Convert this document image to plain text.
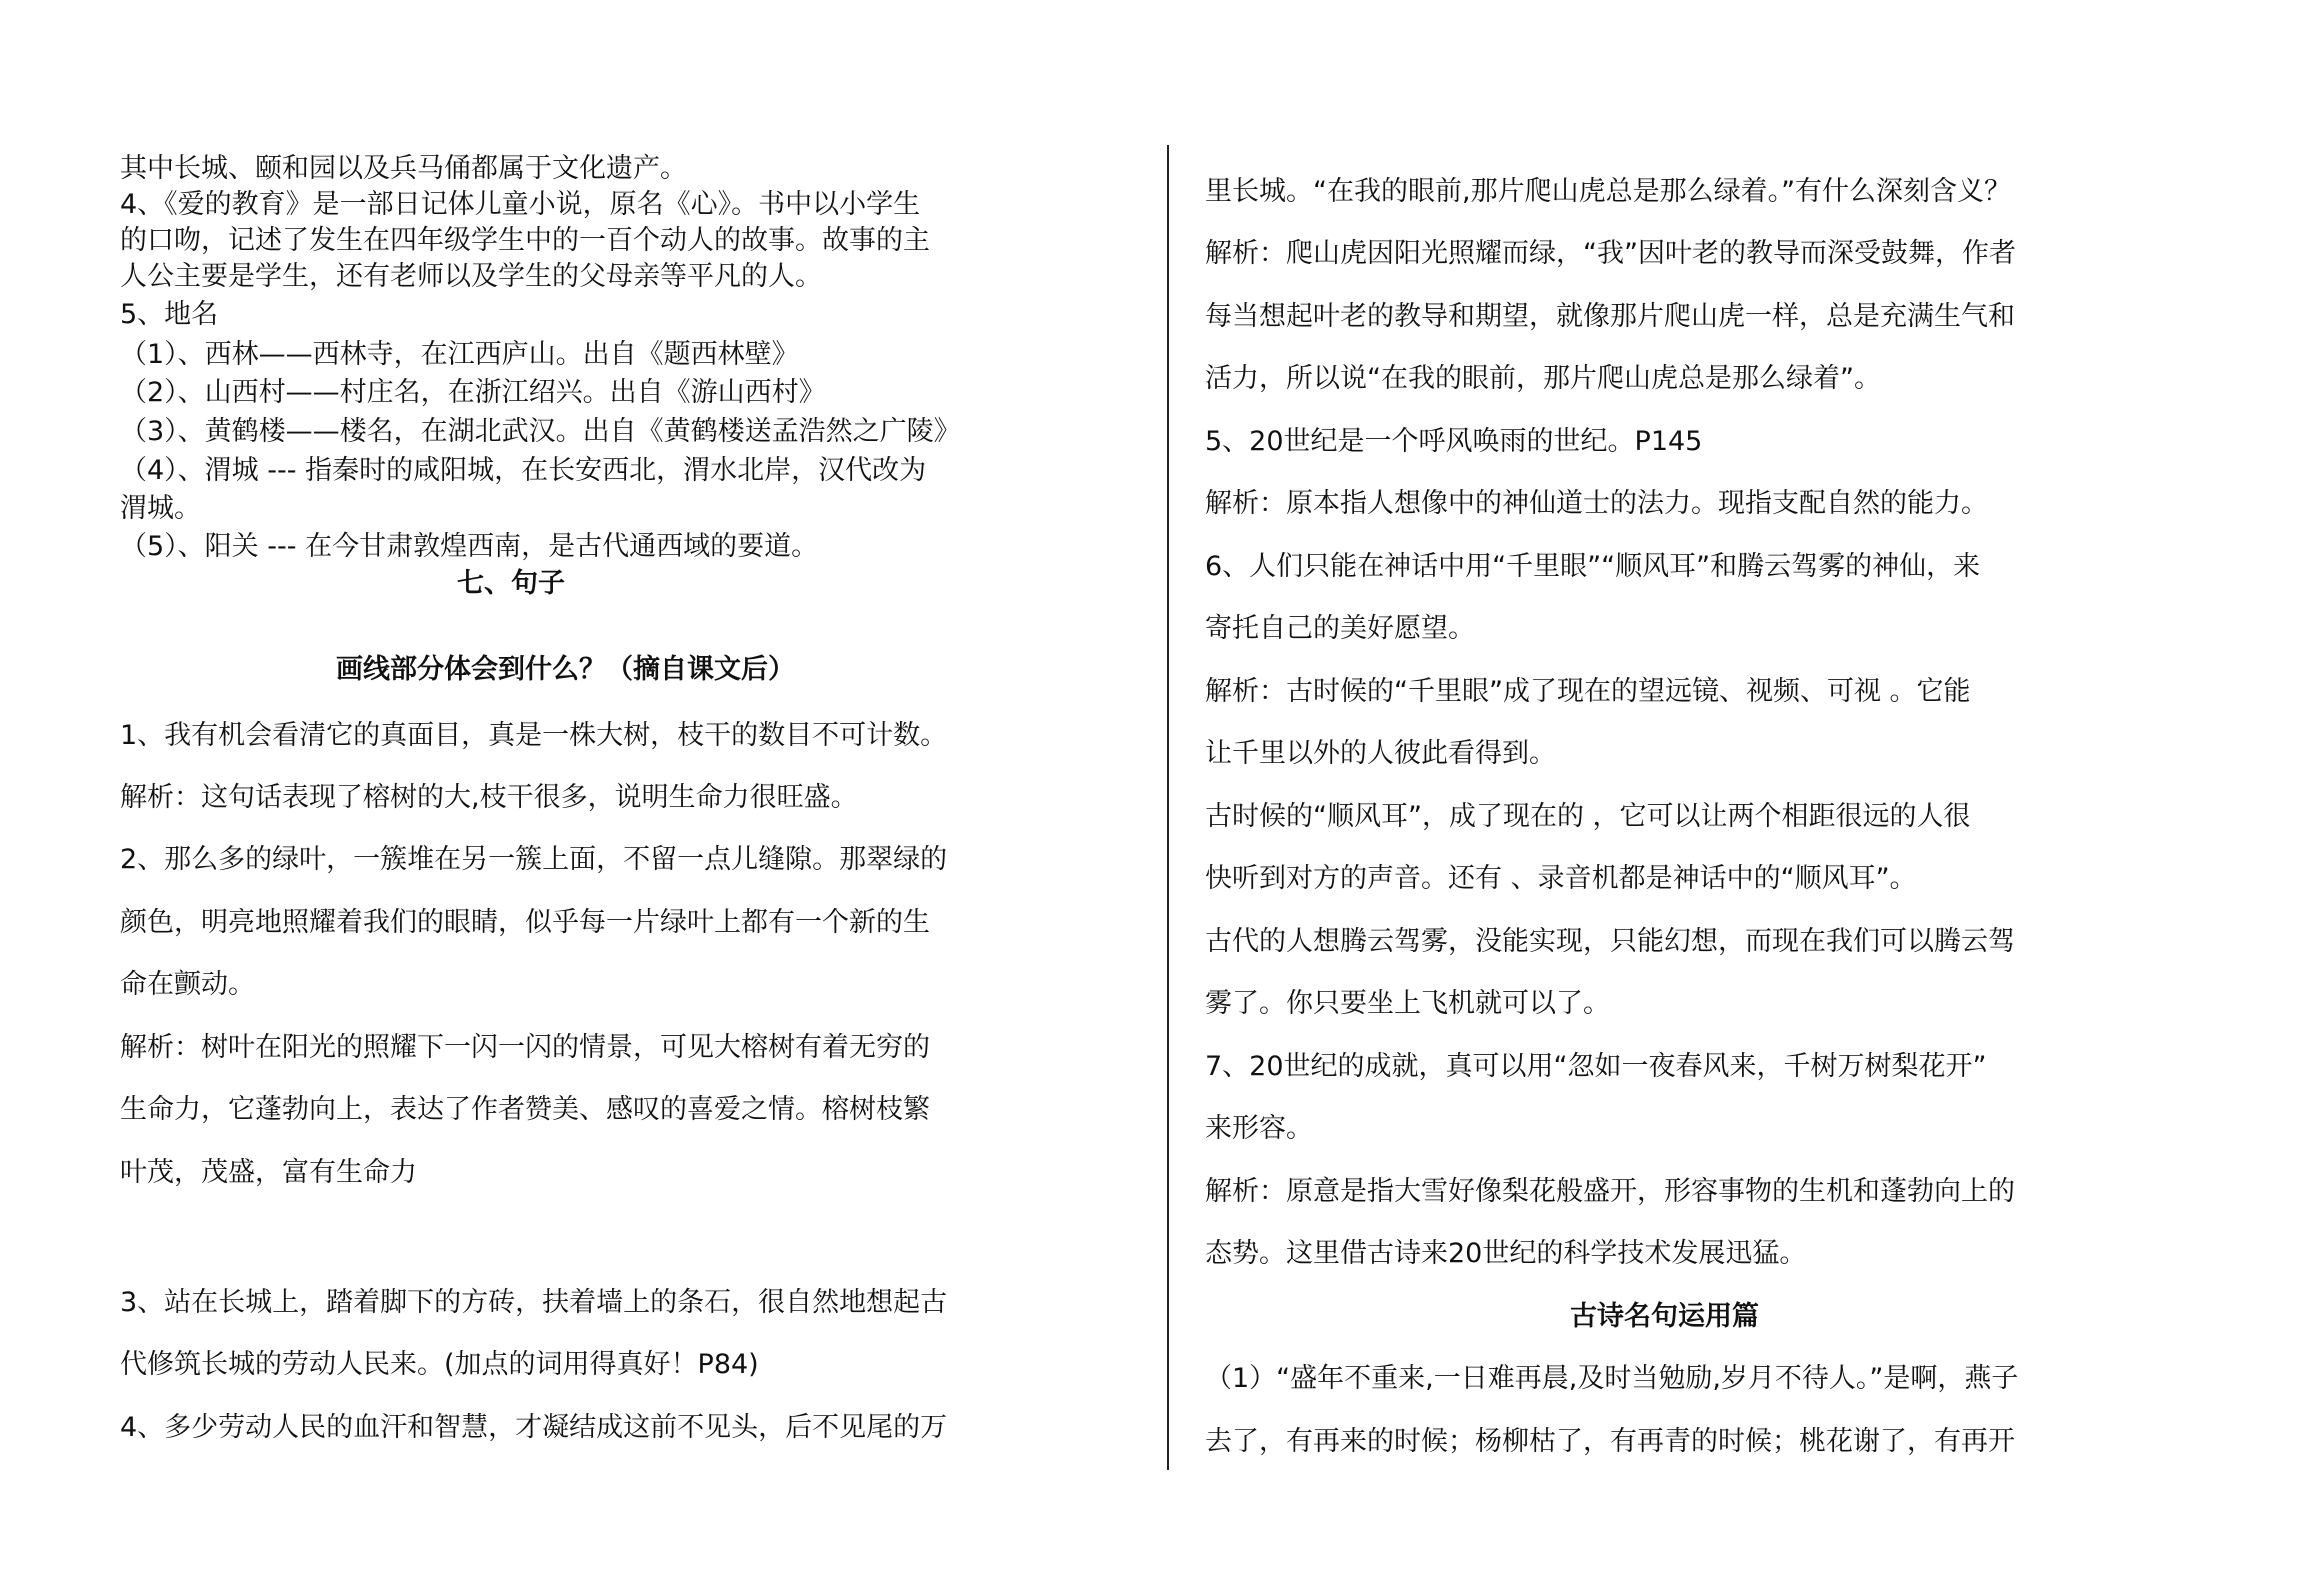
其中长城、颐和园以及兵马俑都属于文化遗产。
4、《爱的教育》是一部日记体儿童小说，原名《心》。书中以小学生
的口吻，记述了发生在四年级学生中的一百个动人的故事。故事的主
人公主要是学生，还有老师以及学生的父母亲等平凡的人。
5、地名
（1）、西林——西林寺，在江西庐山。出自《题西林壁》
（2）、山西村——村庄名，在浙江绍兴。出自《游山西村》
（3）、黄鹤楼——楼名，在湖北武汉。出自《黄鹤楼送孟浩然之广陵》
（4）、渭城 --- 指秦时的咸阳城，在长安西北，渭水北岸，汉代改为
渭城。
（5）、阳关 --- 在今甘肃敦煌西南，是古代通西域的要道。
七、句子
画线部分体会到什么？（摘自课文后）
1、我有机会看清它的真面目，真是一株大树，枝干的数目不可计数。
解析：这句话表现了榕树的大,枝干很多，说明生命力很旺盛。
2、那么多的绿叶，一簇堆在另一簇上面，不留一点儿缝隙。那翠绿的
颜色，明亮地照耀着我们的眼睛，似乎每一片绿叶上都有一个新的生
命在颤动。
解析：树叶在阳光的照耀下一闪一闪的情景，可见大榕树有着无穷的
生命力，它蓬勃向上，表达了作者赞美、感叹的喜爱之情。榕树枝繁
叶茂，茂盛，富有生命力
3、站在长城上，踏着脚下的方砖，扶着墙上的条石，很自然地想起古
代修筑长城的劳动人民来。(加点的词用得真好！P84)
4、多少劳动人民的血汗和智慧，才凝结成这前不见头，后不见尾的万
里长城。“在我的眼前,那片爬山虎总是那么绿着。”有什么深刻含义？
解析：爬山虎因阳光照耀而绿，“我”因叶老的教导而深受鼓舞，作者
每当想起叶老的教导和期望，就像那片爬山虎一样，总是充满生气和
活力，所以说“在我的眼前，那片爬山虎总是那么绿着”。
5、20世纪是一个呼风唤雨的世纪。P145
解析：原本指人想像中的神仙道士的法力。现指支配自然的能力。
6、人们只能在神话中用“千里眼”“顺风耳”和腾云驾雾的神仙，来
寄托自己的美好愿望。
解析：古时候的“千里眼”成了现在的望远镜、视频、可视 。它能
让千里以外的人彼此看得到。
古时候的“顺风耳”，成了现在的 ，它可以让两个相距很远的人很
快听到对方的声音。还有 、录音机都是神话中的“顺风耳”。
古代的人想腾云驾雾，没能实现，只能幻想，而现在我们可以腾云驾
雾了。你只要坐上飞机就可以了。
7、20世纪的成就，真可以用“忽如一夜春风来，千树万树梨花开”
来形容。
解析：原意是指大雪好像梨花般盛开，形容事物的生机和蓬勃向上的
态势。这里借古诗来20世纪的科学技术发展迅猛。
古诗名句运用篇
（1）“盛年不重来,一日难再晨,及时当勉励,岁月不待人。”是啊，燕子
去了，有再来的时候；杨柳枯了，有再青的时候；桃花谢了，有再开
